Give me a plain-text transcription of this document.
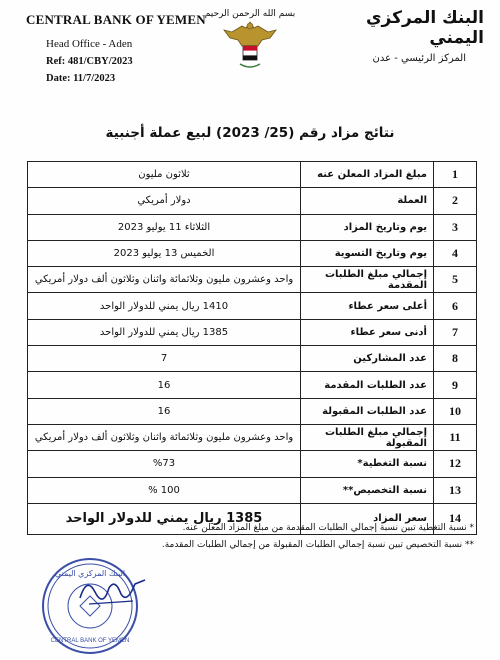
CENTRAL BANK OF YEMEN
Head Office - Aden
Ref: 481/CBY/2023
Date: 11/7/2023
بسم الله الرحمن الرحيم	البنك المركزي اليمني
المركز الرئيسي - عدن
نتائج مزاد رقم (25/ 2023) لبيع عملة أجنبية
1	مبلغ المزاد المعلن عنه	ثلاثون مليون
2	العملة	دولار أمريكي
3	يوم وتاريخ المزاد	الثلاثاء 11 يوليو 2023
4	يوم وتاريخ التسوية	الخميس 13 يوليو 2023
5	إجمالي مبلغ الطلبات المقدمة	واحد وعشرون مليون وثلاثمائة واثنان وثلاثون ألف دولار أمريكي
6	أعلى سعر عطاء	1410 ريال يمني للدولار الواحد
7	أدنى سعر عطاء	1385 ريال يمني للدولار الواحد
8	عدد المشاركين	7
9	عدد الطلبات المقدمة	16
10	عدد الطلبات المقبولة	16
11	إجمالي مبلغ الطلبات المقبولة	واحد وعشرون مليون وثلاثمائة واثنان وثلاثون ألف دولار أمريكي
12	نسبة التغطية*	%73
13	نسبة التخصيص**	100 %
14	سعر المزاد	1385 ريال يمني للدولار الواحد
* نسبة التغطية تبين نسبة إجمالي الطلبات المقدمة من مبلغ المزاد المعلن عنه.
** نسبة التخصيص تبين نسبة إجمالي الطلبات المقبولة من إجمالي الطلبات المقدمة.
البنك المركزي اليمني
CENTRAL BANK OF YEMEN
